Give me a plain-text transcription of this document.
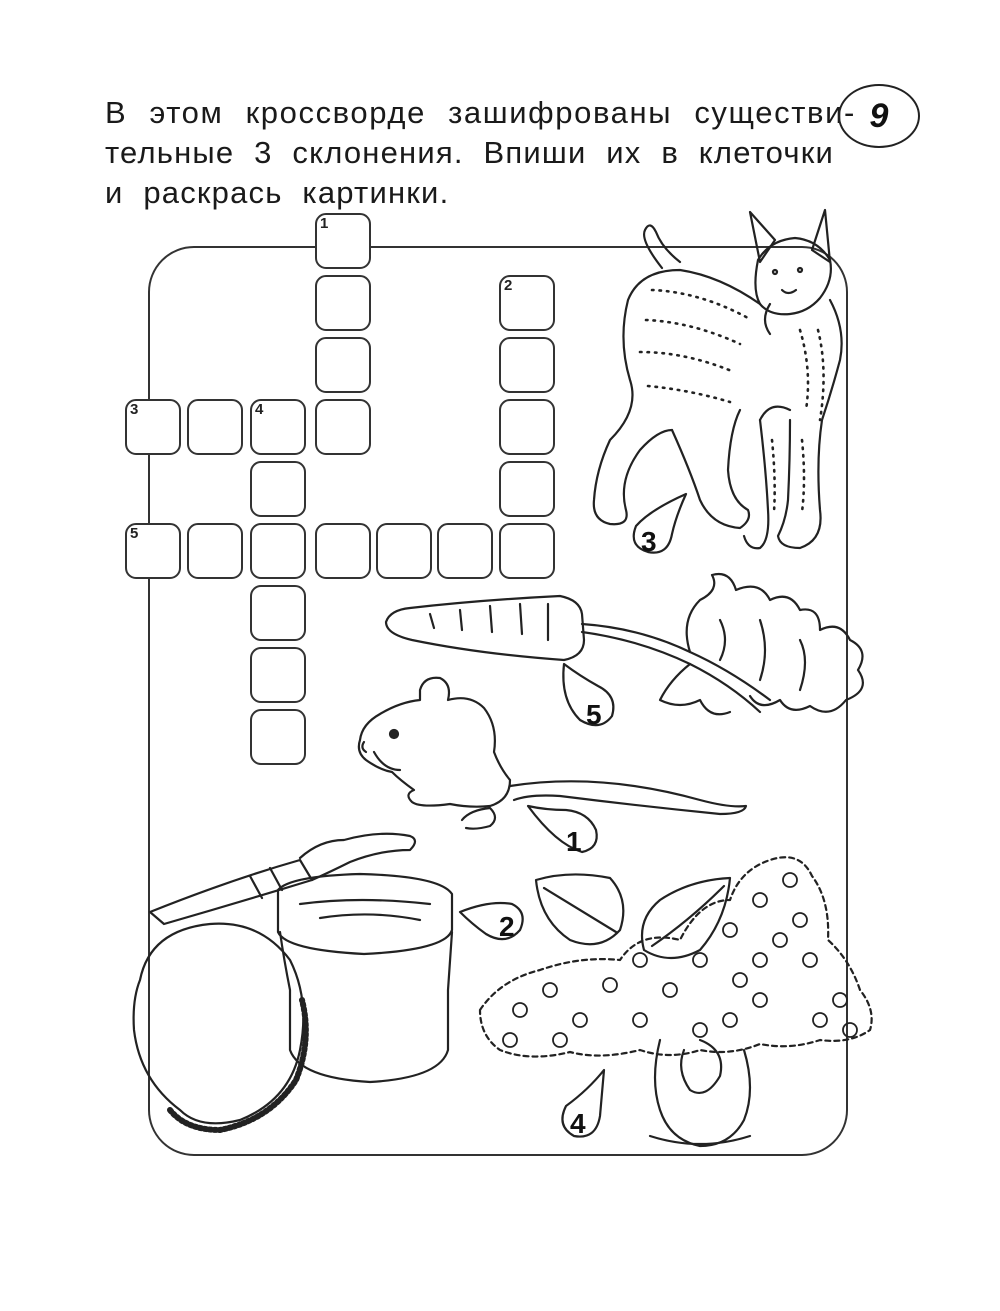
В этом кроссворде зашифрованы существи-
тельные 3 склонения. Впиши их в клеточки
и раскрась картинки.
9
3
5
1
2
4
1
2
3	4
5
